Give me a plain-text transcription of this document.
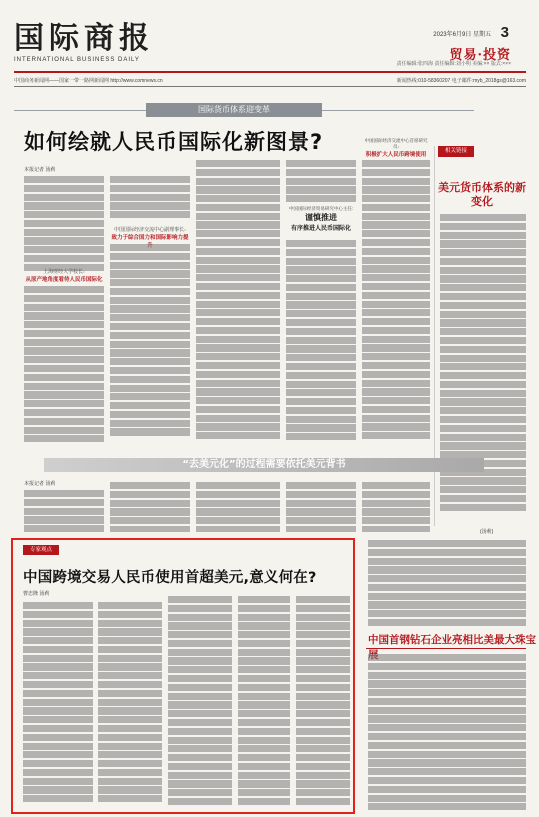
国际商报
INTERNATIONAL BUSINESS DAILY
2023年6月9日 星期五 3
贸易·投资
责任编辑:张四海 责任编辑:刘小明 美编:×× 版式:×××
中国商务新闻网——国家一带一路网新闻网 http://www.comnews.cn	新闻热线:010-58360207 电子邮件:myb_2018gs@163.com
国际货币体系迎变革
如何绘就人民币国际化新图景?
本报记者 汤莉
上海财经大学校长:
从原产地角度看待人民币国际化
中国国际经济交流中心副理事长:
致力于综合国力和国际影响力提
中国国际经济贸易研究中心主任:
谨慎推进
有序推进人民币国际化
中国国际经济交流中心首席研究员:
积极扩大人民币跨境使用
相关链接
美元货币体系的新变化
(汤莉)
“去美元化”的过程需要依托美元背书
本报记者 汤莉
专家观点
中国跨境交易人民币使用首超美元,意义何在?
曹忠隆 汤莉
中国首钢钻石企业亮相比美最大珠宝
